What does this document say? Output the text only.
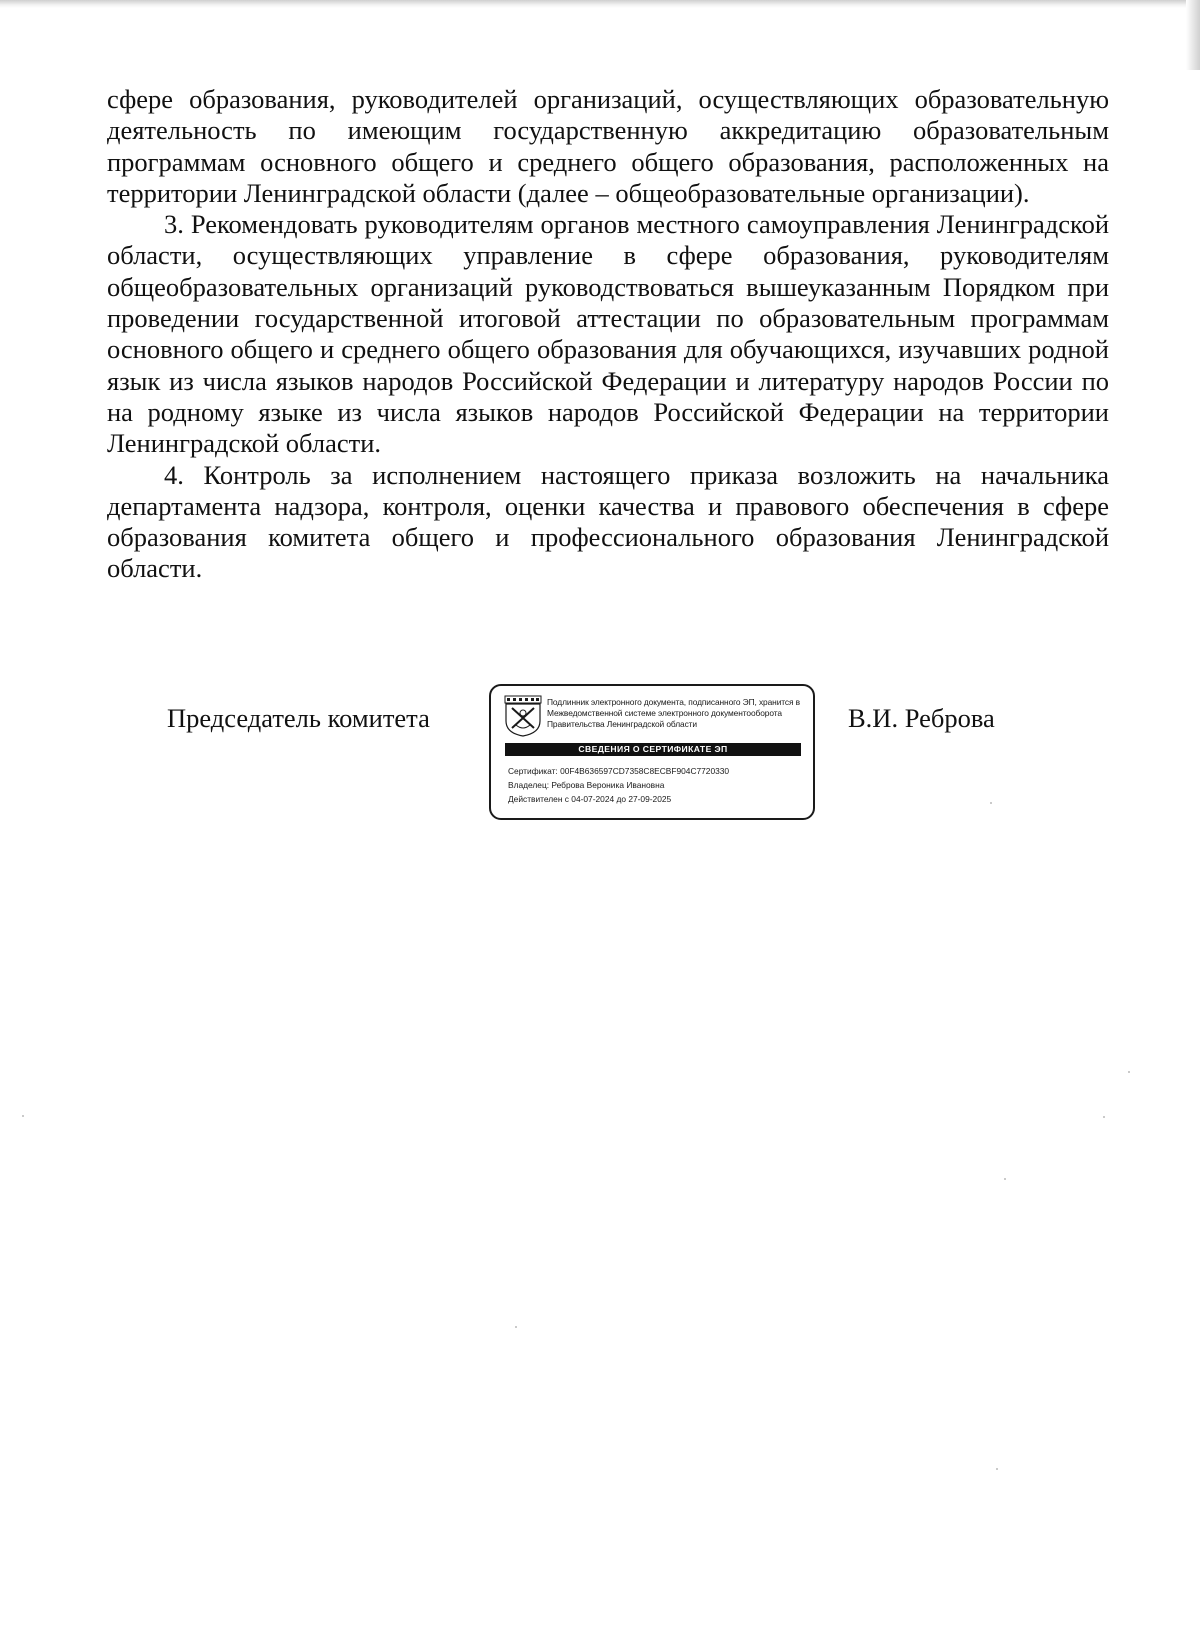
сфере образования, руководителей организаций, осуществляющих образовательную деятельность по имеющим государственную аккредитацию образовательным программам основного общего и среднего общего образования, расположенных на территории Ленинградской области (далее – общеобразовательные организации).

3. Рекомендовать руководителям органов местного самоуправления Ленинградской области, осуществляющих управление в сфере образования, руководителям общеобразовательных организаций руководствоваться вышеуказанным Порядком при проведении государственной итоговой аттестации по образовательным программам основного общего и среднего общего образования для обучающихся, изучавших родной язык из числа языков народов Российской Федерации и литературу народов России по на родному языке из числа языков народов Российской Федерации на территории Ленинградской области.

4. Контроль за исполнением настоящего приказа возложить на начальника департамента надзора, контроля, оценки качества и правового обеспечения в сфере образования комитета общего и профессионального образования Ленинградской области.

Председатель комитета
Подлинник электронного документа, подписанного ЭП, хранится в Межведомственной системе электронного документооборота Правительства Ленинградской области
СВЕДЕНИЯ О СЕРТИФИКАТЕ ЭП
Сертификат: 00F4B636597CD7358C8ECBF904C7720330
Владелец: Реброва Вероника Ивановна
Действителен с 04-07-2024 до 27-09-2025
В.И. Реброва
